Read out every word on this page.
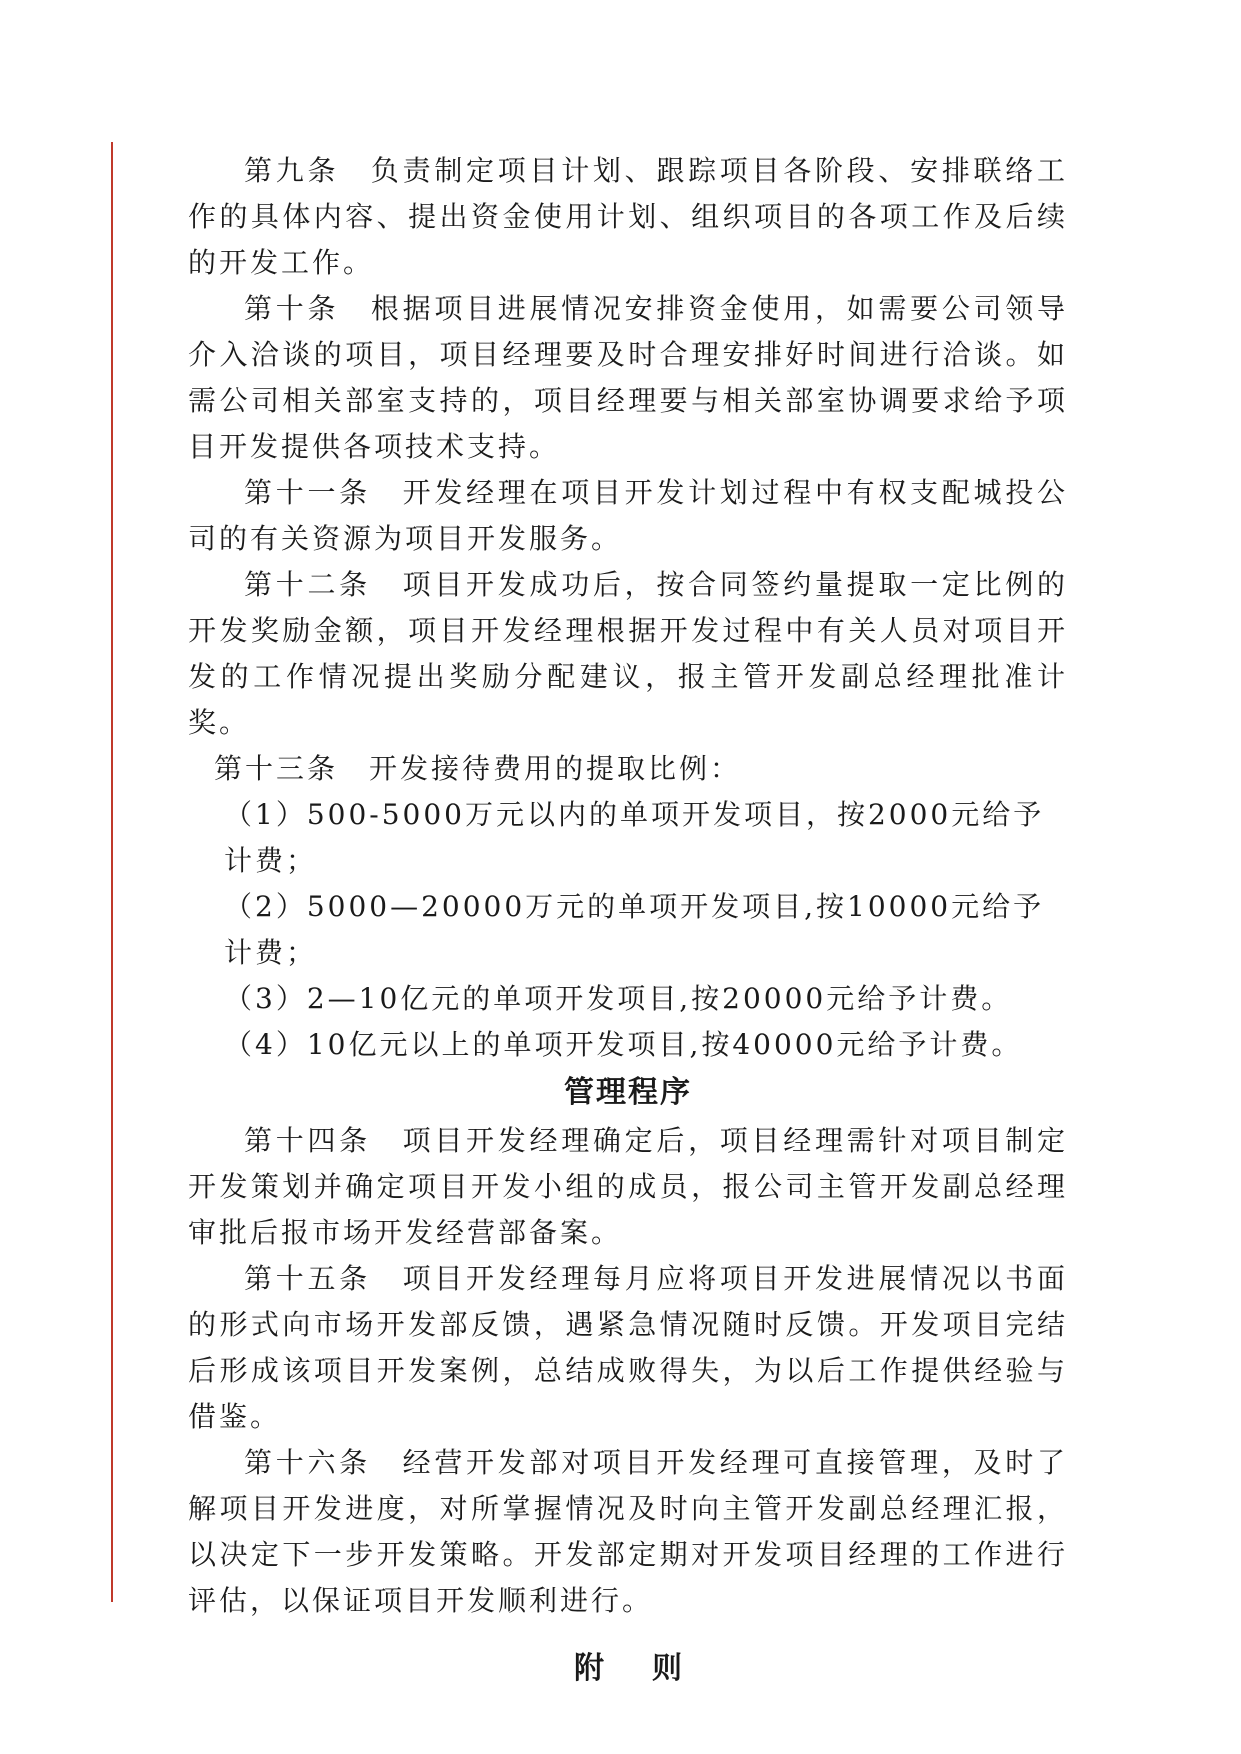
第九条　负责制定项目计划、跟踪项目各阶段、安排联络工作的具体内容、提出资金使用计划、组织项目的各项工作及后续的开发工作。

第十条　根据项目进展情况安排资金使用，如需要公司领导介入洽谈的项目，项目经理要及时合理安排好时间进行洽谈。如需公司相关部室支持的，项目经理要与相关部室协调要求给予项目开发提供各项技术支持。

第十一条　开发经理在项目开发计划过程中有权支配城投公司的有关资源为项目开发服务。

第十二条　项目开发成功后，按合同签约量提取一定比例的开发奖励金额，项目开发经理根据开发过程中有关人员对项目开发的工作情况提出奖励分配建议，报主管开发副总经理批准计奖。

第十三条　开发接待费用的提取比例：

（1）500-5000万元以内的单项开发项目，按2000元给予计费；

（2）5000—20000万元的单项开发项目,按10000元给予计费；

（3）2—10亿元的单项开发项目,按20000元给予计费。

（4）10亿元以上的单项开发项目,按40000元给予计费。

管理程序

第十四条　项目开发经理确定后，项目经理需针对项目制定开发策划并确定项目开发小组的成员，报公司主管开发副总经理审批后报市场开发经营部备案。

第十五条　项目开发经理每月应将项目开发进展情况以书面的形式向市场开发部反馈，遇紧急情况随时反馈。开发项目完结后形成该项目开发案例，总结成败得失，为以后工作提供经验与借鉴。

第十六条　经营开发部对项目开发经理可直接管理，及时了解项目开发进度，对所掌握情况及时向主管开发副总经理汇报，以决定下一步开发策略。开发部定期对开发项目经理的工作进行评估，以保证项目开发顺利进行。

附则
